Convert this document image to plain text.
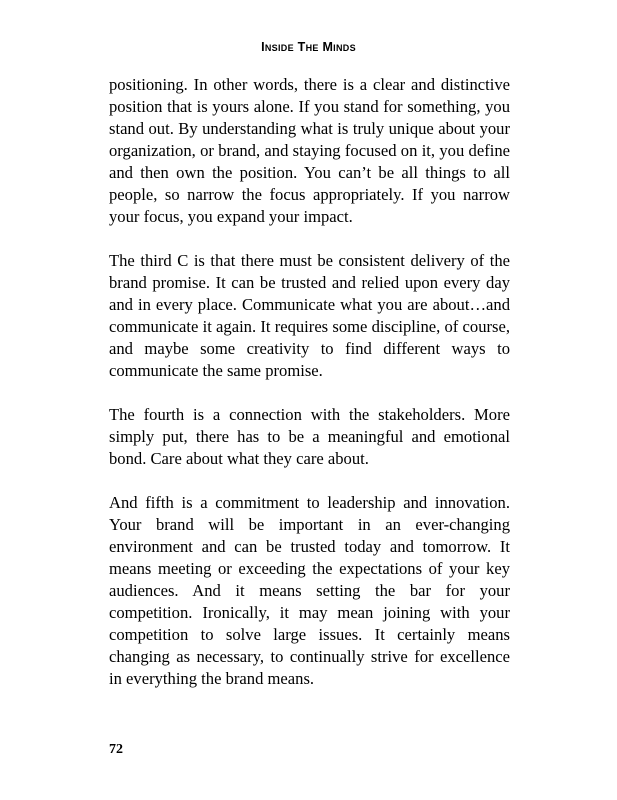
Inside The Minds

positioning. In other words, there is a clear and distinctive position that is yours alone. If you stand for something, you stand out. By understanding what is truly unique about your organization, or brand, and staying focused on it, you define and then own the position. You can’t be all things to all people, so narrow the focus appropriately. If you narrow your focus, you expand your impact.

The third C is that there must be consistent delivery of the brand promise. It can be trusted and relied upon every day and in every place. Communicate what you are about…and communicate it again. It requires some discipline, of course, and maybe some creativity to find different ways to communicate the same promise.

The fourth is a connection with the stakeholders. More simply put, there has to be a meaningful and emotional bond. Care about what they care about.

And fifth is a commitment to leadership and innovation. Your brand will be important in an ever-changing environment and can be trusted today and tomorrow. It means meeting or exceeding the expectations of your key audiences. And it means setting the bar for your competition. Ironically, it may mean joining with your competition to solve large issues. It certainly means changing as necessary, to continually strive for excellence in everything the brand means.

72
